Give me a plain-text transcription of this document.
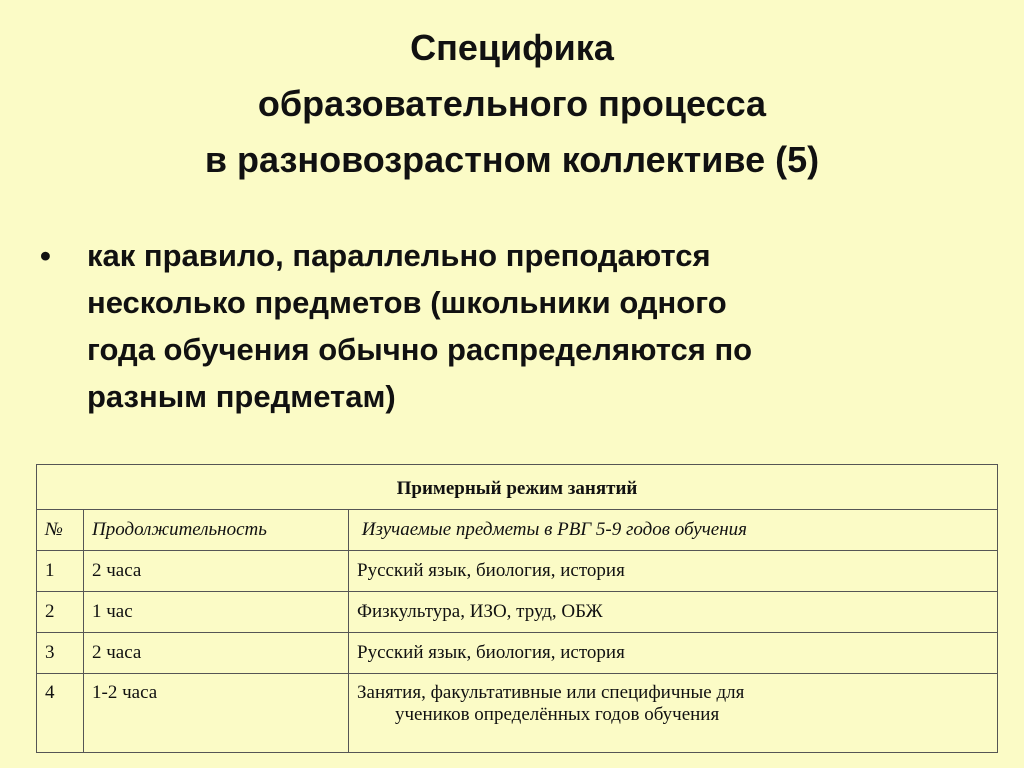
Специфика
образовательного процесса
в разновозрастном коллективе (5)
•	как правило, параллельно преподаются
несколько предметов (школьники одного
года обучения обычно распределяются по
разным предметам)
Примерный режим занятий		
№	Продолжительность	Изучаемые предметы в РВГ 5-9 годов обучения
1	2 часа	Русский язык, биология, история
2	1 час	Физкультура, ИЗО, труд, ОБЖ
3	2 часа	Русский язык, биология, история
4	1-2 часа	Занятия, факультативные или специфичные для
учеников определённых годов обучения
